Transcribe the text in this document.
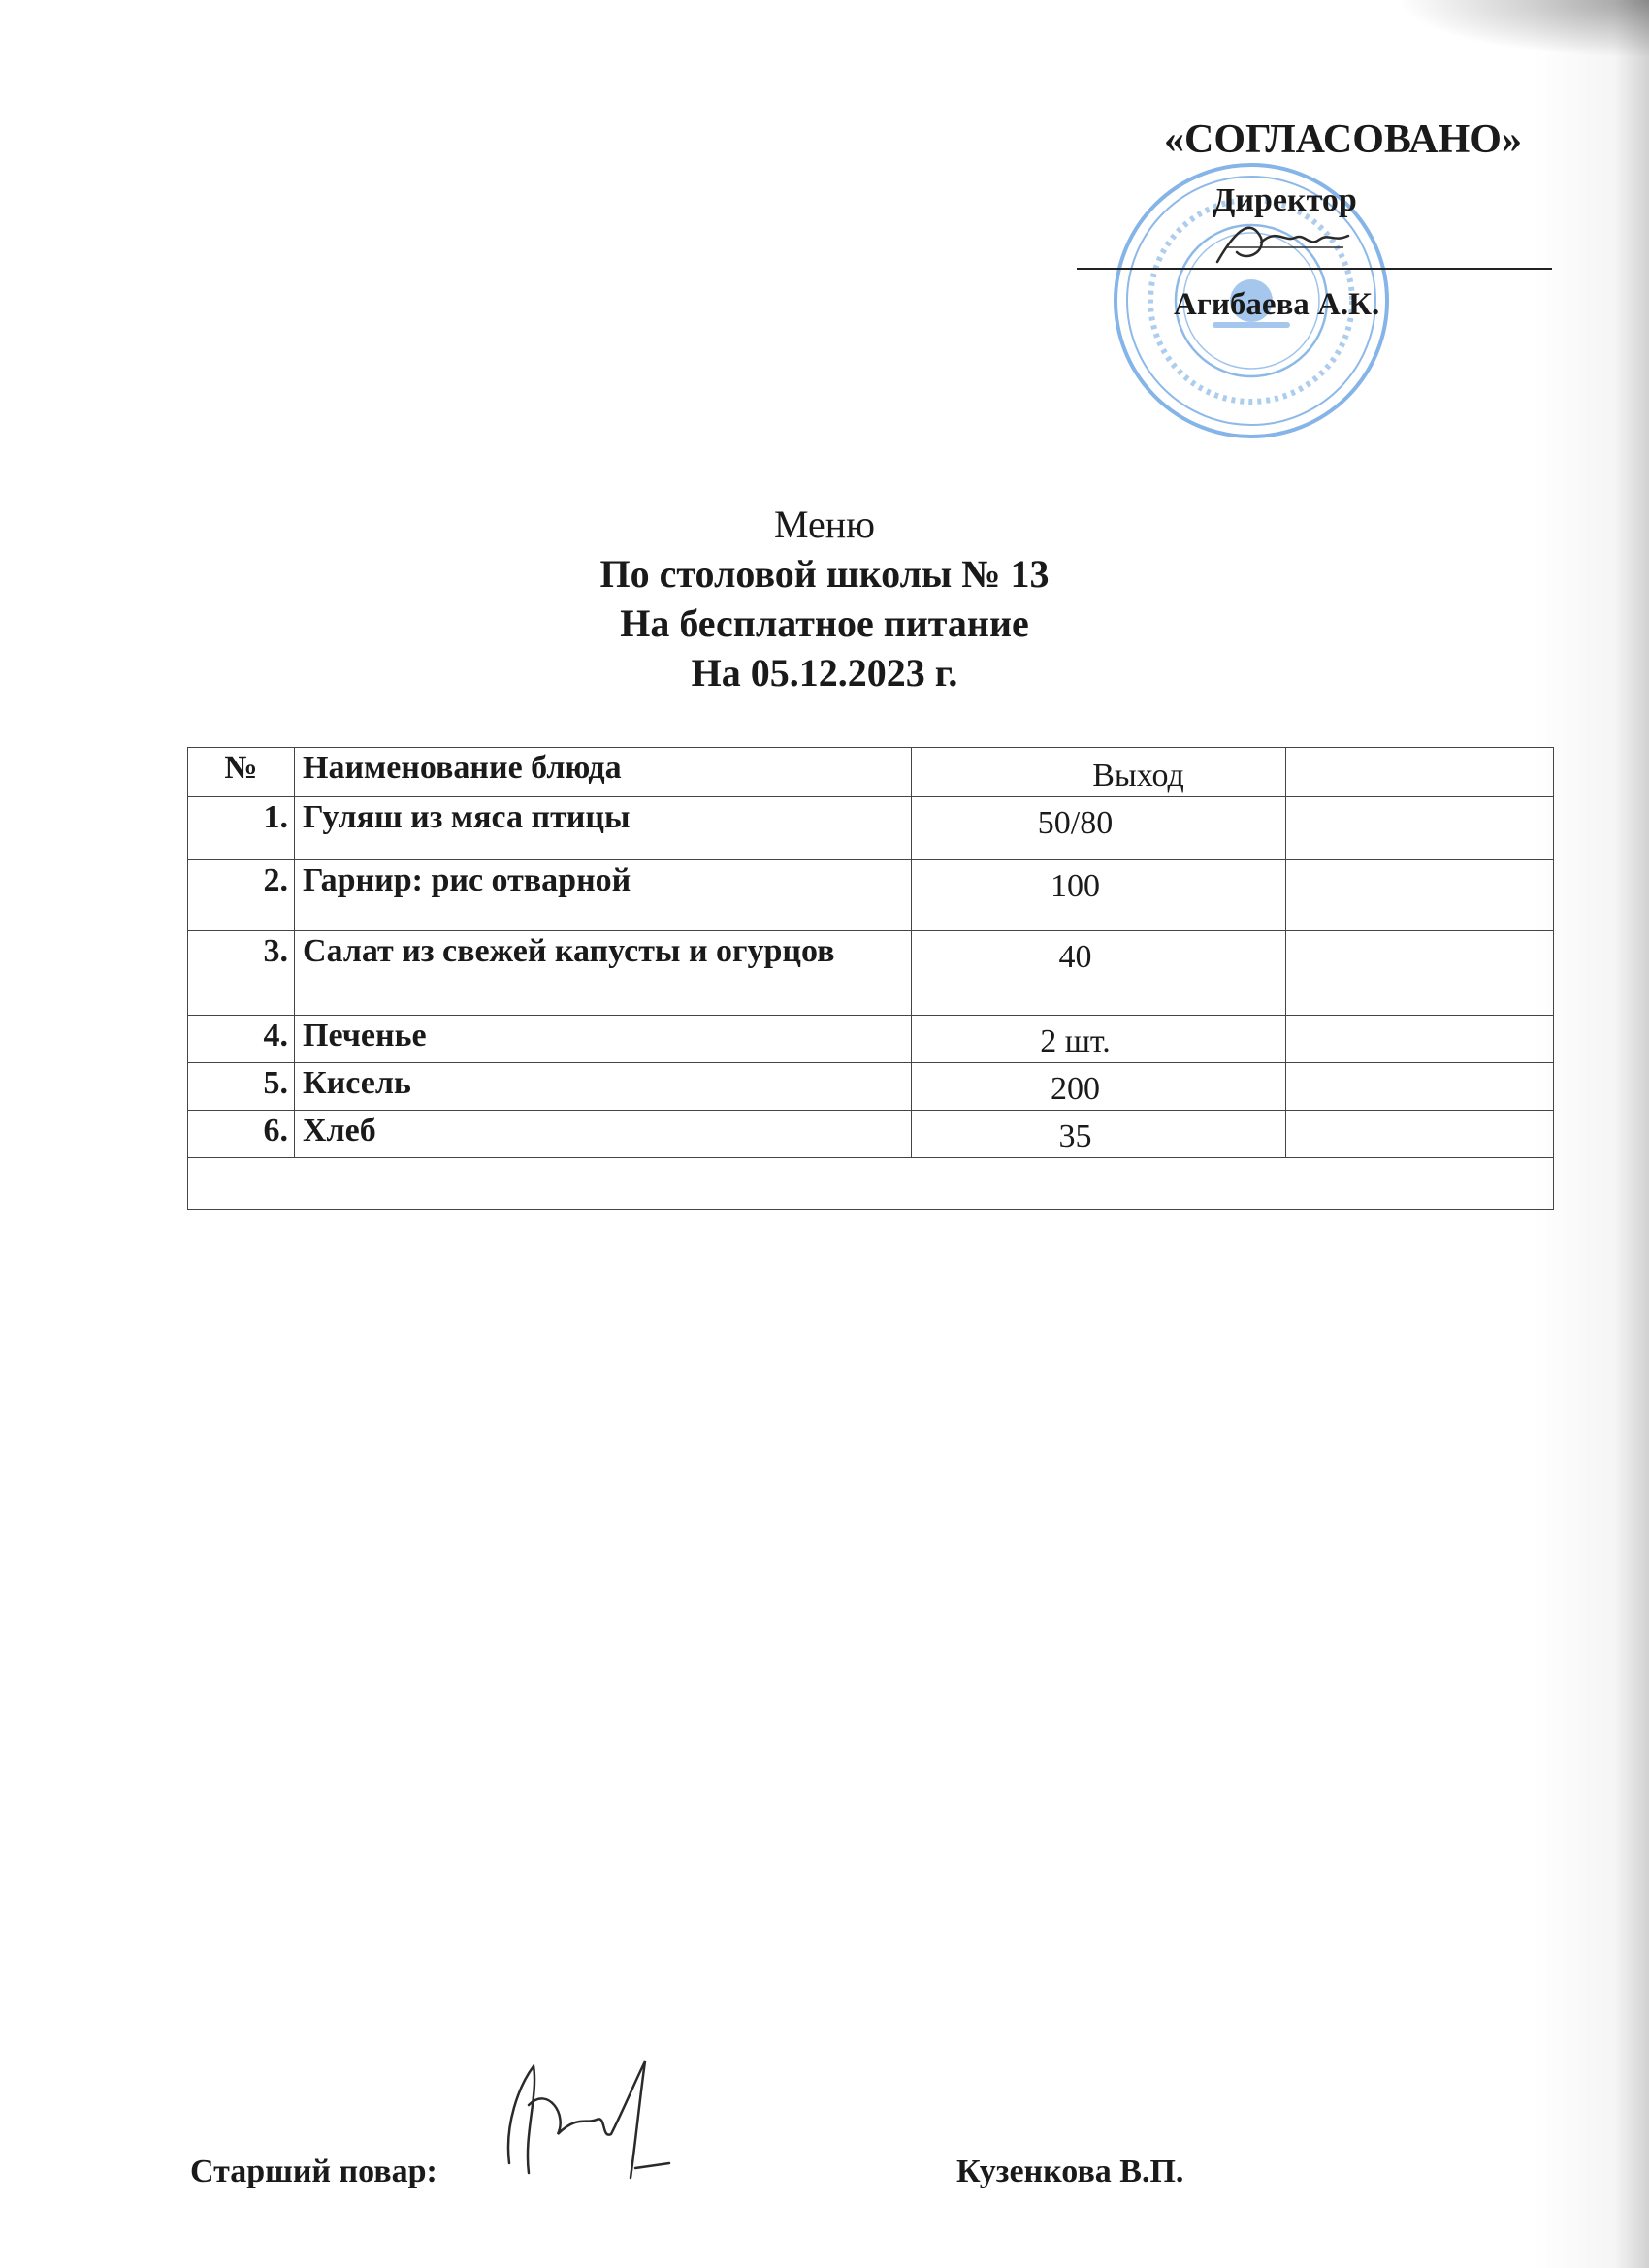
«СОГЛАСОВАНО»
Директор
Агибаева А.К.
Меню
По столовой школы № 13
На бесплатное питание
На 05.12.2023 г.
№	Наименование блюда	Выход	
1.	Гуляш из мяса птицы	50/80	
2.	Гарнир: рис отварной	100	
3.	Салат из свежей капусты и огурцов	40	
4.	Печенье	2 шт.	
5.	Кисель	200	
6.	Хлеб	35	

Старший повар:	Кузенкова В.П.
